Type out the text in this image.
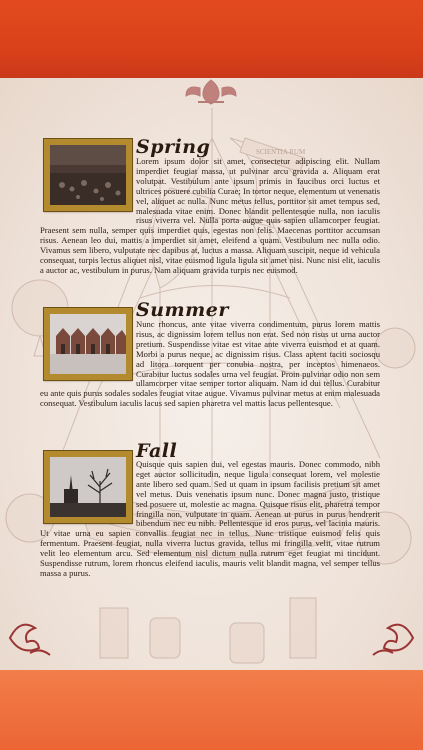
SCIENTIA RUM
Spring
Lorem ipsum dolor sit amet, consectetur adipiscing elit. Nullam imperdiet feugiat massa, ut pulvinar arcu gravida a. Aliquam erat volutpat. Vestibulum ante ipsum primis in faucibus orci luctus et ultrices posuere cubilia Curae; In tortor neque, elementum ut venenatis vel, aliquet ac nulla. Nunc metus tellus, porttitor sit amet tempus sed, malesuada vitae enim. Donec blandit pellentesque nulla, non iaculis risus viverra vel. Nulla porta augue quis sapien ullamcorper feugiat. Praesent sem nulla, semper quis imperdiet quis, egestas non felis. Maecenas porttitor accumsan risus. Aenean leo dui, mattis a imperdiet sit amet, eleifend a quam. Vestibulum nec nulla odio. Vivamus sem libero, vulputate nec dapibus at, luctus a massa. Aliquam suscipit, neque id vehicula consequat, turpis lectus aliquet nisl, vitae euismod ligula ligula sit amet nisi. Nunc nisi elit, iaculis a auctor ac, vestibulum in purus. Nam aliquam gravida turpis nec euismod.
Summer
Nunc rhoncus, ante vitae viverra condimentum, purus lorem mattis risus, ac dignissim lorem tellus non erat. Sed non risus ut urna auctor pretium. Suspendisse vitae est vitae ante viverra euismod et at quam. Morbi a purus neque, ac dignissim risus. Class aptent taciti sociosqu ad litora torquent per conubia nostra, per inceptos himenaeos. Curabitur luctus sodales urna vel feugiat. Proin pulvinar odio non sem ullamcorper vitae semper tortor aliquam. Nam id dui tellus. Curabitur eu ante quis purus sodales sodales feugiat vitae augue. Vivamus pulvinar metus at enim malesuada consequat. Vestibulum iaculis lacus sed sapien pharetra vel mattis lacus pellentesque.
Fall
Quisque quis sapien dui, vel egestas mauris. Donec commodo, nibh eget auctor sollicitudin, neque ligula consequat lorem, vel molestie ante libero sed quam. Sed ut quam in ipsum facilisis pretium sit amet vel metus. Duis venenatis ipsum nunc. Donec magna justo, tristique sed posuere ut, molestie ac magna. Quisque risus elit, pharetra tempor fringilla non, vulputate in quam. Aenean ut purus in purus hendrerit bibendum nec eu nibh. Pellentesque id eros purus, vel lacinia mauris. Ut vitae urna eu sapien convallis feugiat nec in tellus. Nunc tristique euismod felis quis fermentum. Praesent feugiat, nulla viverra luctus gravida, tellus mi fringilla velit, vitae rutrum velit leo elementum arcu. Sed elementum nisl dictum nulla rutrum eget feugiat mi tincidunt. Suspendisse rutrum, lorem rhoncus eleifend iaculis, mauris velit blandit magna, vel semper tellus massa a purus.
